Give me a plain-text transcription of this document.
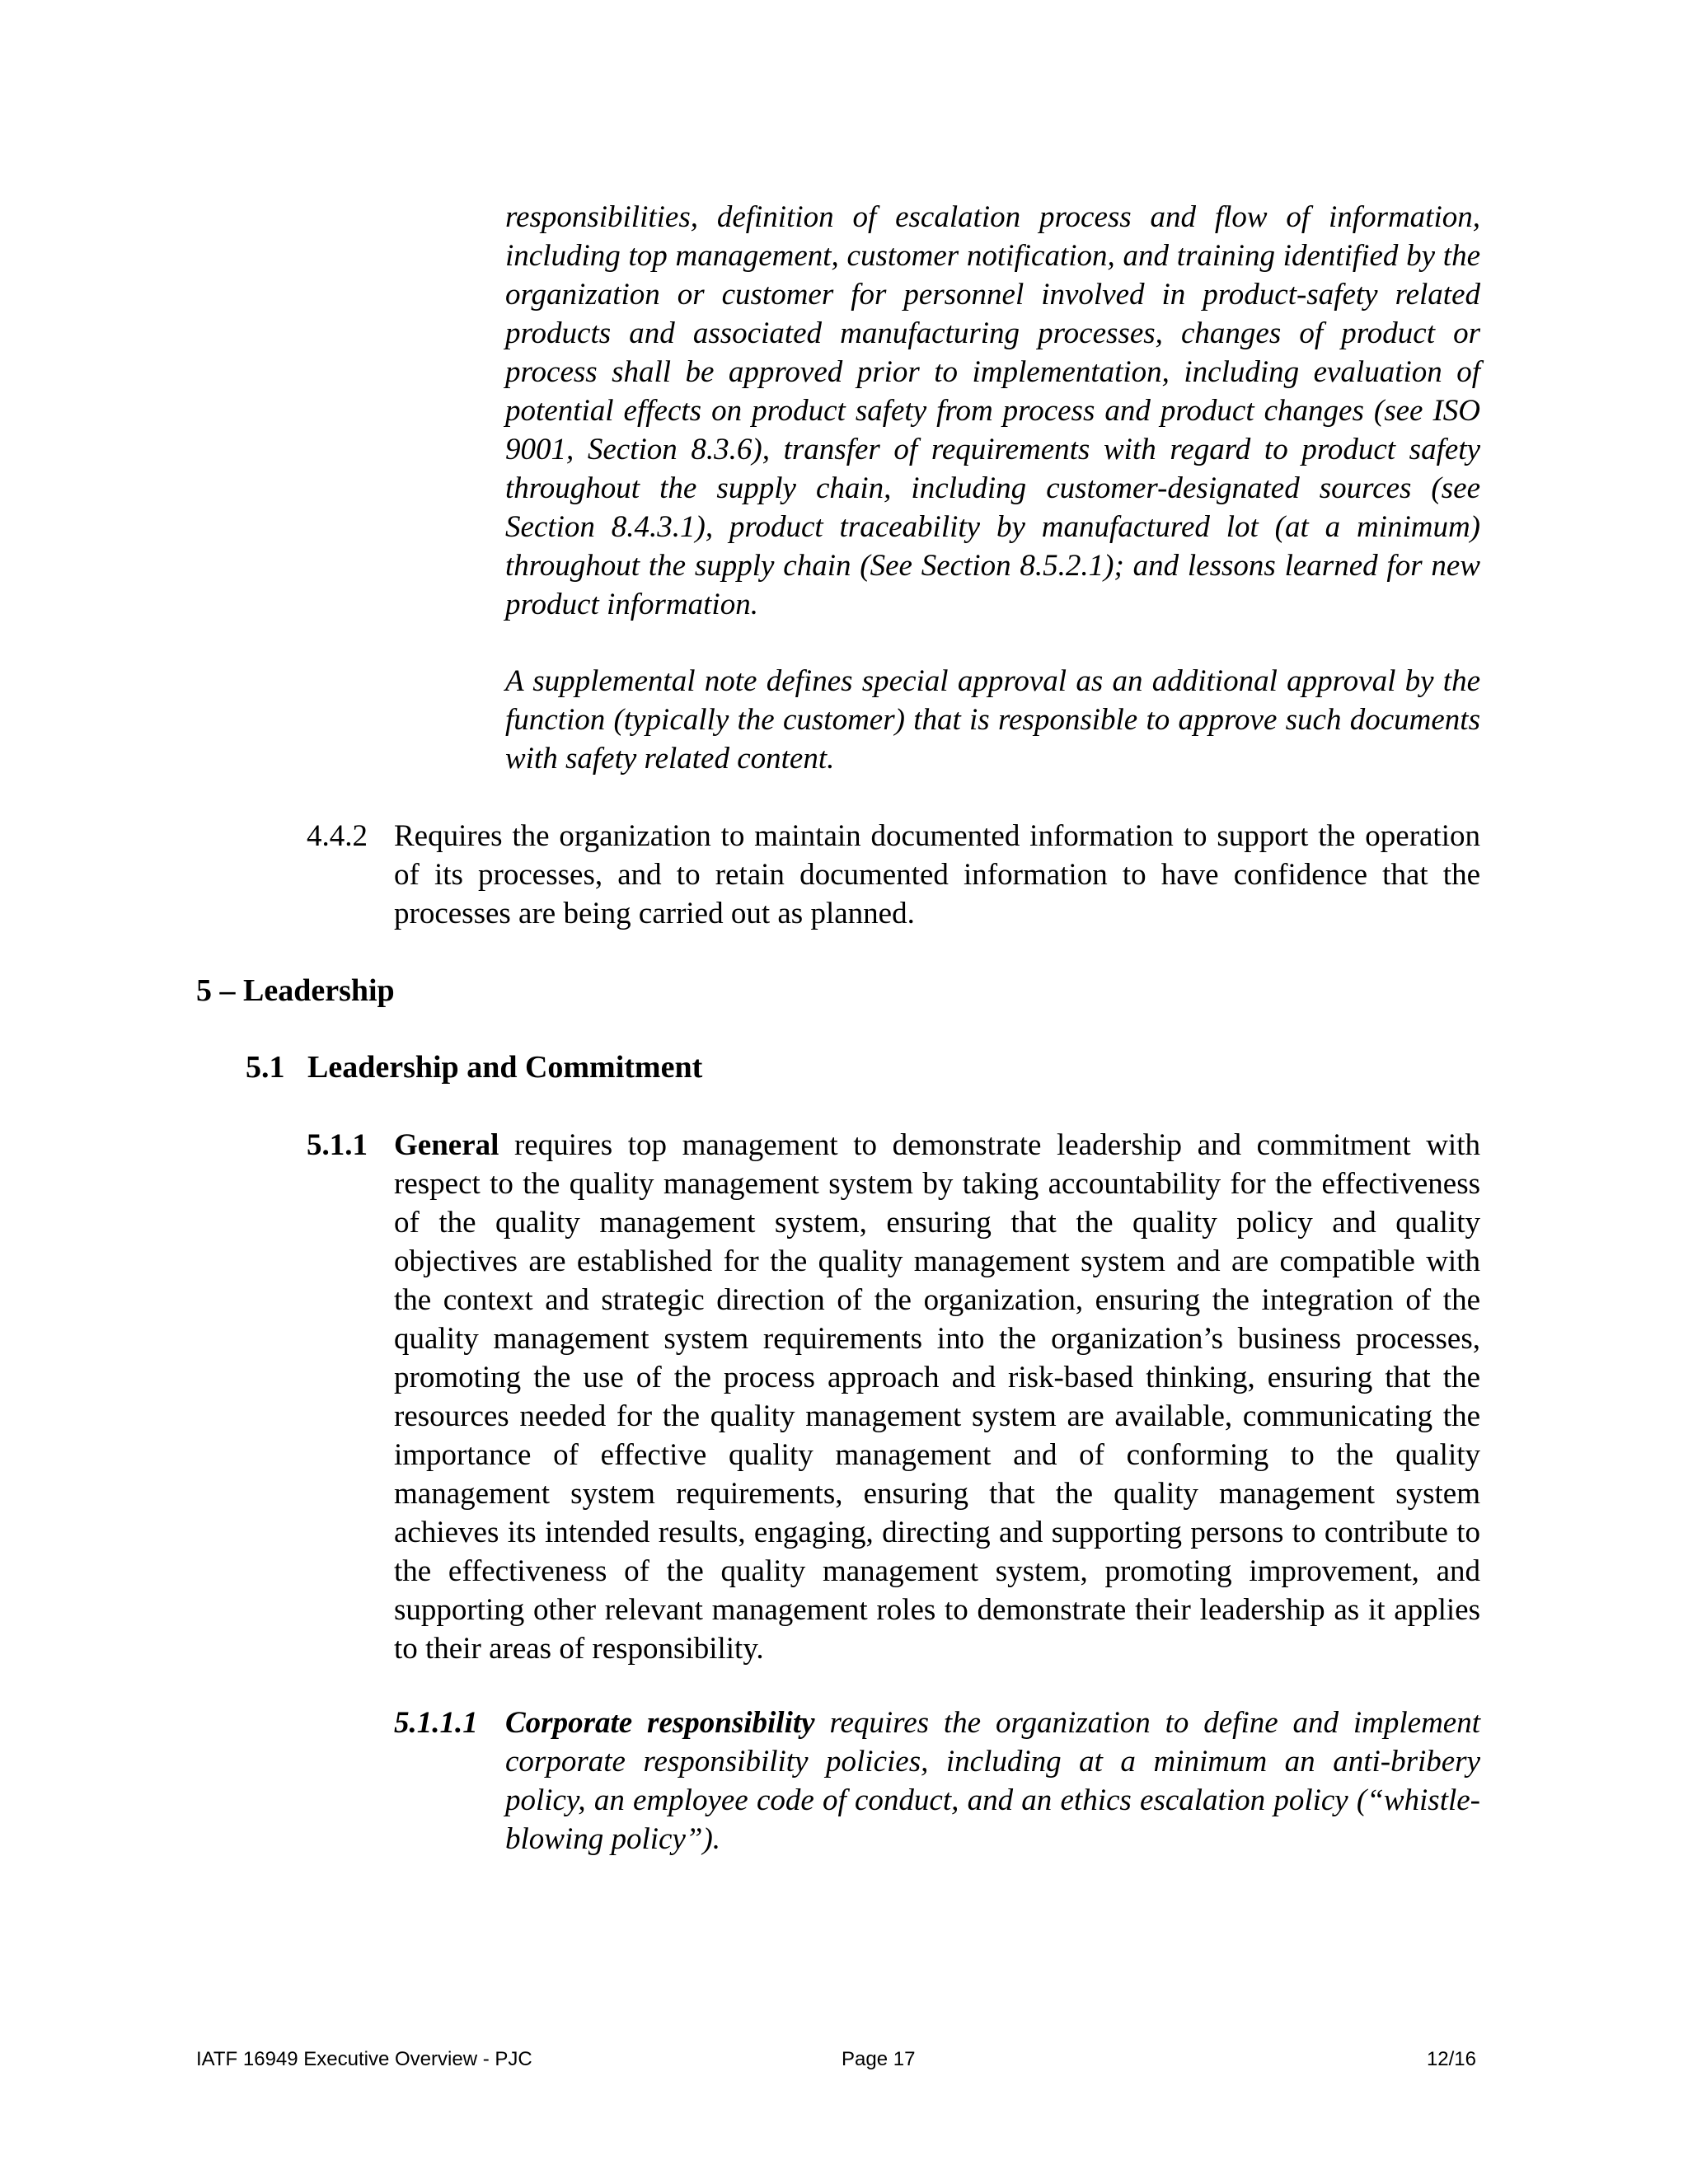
responsibilities, definition of escalation process and flow of information, including top management, customer notification, and training identified by the organization or customer for personnel involved in product-safety related products and associated manufacturing processes, changes of product or process shall be approved prior to implementation, including evaluation of potential effects on product safety from process and product changes (see ISO 9001, Section 8.3.6), transfer of requirements with regard to product safety throughout the supply chain, including customer-designated sources (see Section 8.4.3.1), product traceability by manufactured lot (at a minimum) throughout the supply chain (See Section 8.5.2.1); and lessons learned for new product information.

A supplemental note defines special approval as an additional approval by the function (typically the customer) that is responsible to approve such documents with safety related content.

4.4.2 Requires the organization to maintain documented information to support the operation of its processes, and to retain documented information to have confidence that the processes are being carried out as planned.

5 – Leadership
5.1 Leadership and Commitment
5.1.1 General requires top management to demonstrate leadership and commitment with respect to the quality management system by taking accountability for the effectiveness of the quality management system, ensuring that the quality policy and quality objectives are established for the quality management system and are compatible with the context and strategic direction of the organization, ensuring the integration of the quality management system requirements into the organization’s business processes, promoting the use of the process approach and risk-based thinking, ensuring that the resources needed for the quality management system are available, communicating the importance of effective quality management and of conforming to the quality management system requirements, ensuring that the quality management system achieves its intended results, engaging, directing and supporting persons to contribute to the effectiveness of the quality management system, promoting improvement, and supporting other relevant management roles to demonstrate their leadership as it applies to their areas of responsibility.

5.1.1.1 Corporate responsibility requires the organization to define and implement corporate responsibility policies, including at a minimum an anti-bribery policy, an employee code of conduct, and an ethics escalation policy (“whistle-blowing policy”).

IATF 16949 Executive Overview - PJC	Page 17	12/16
